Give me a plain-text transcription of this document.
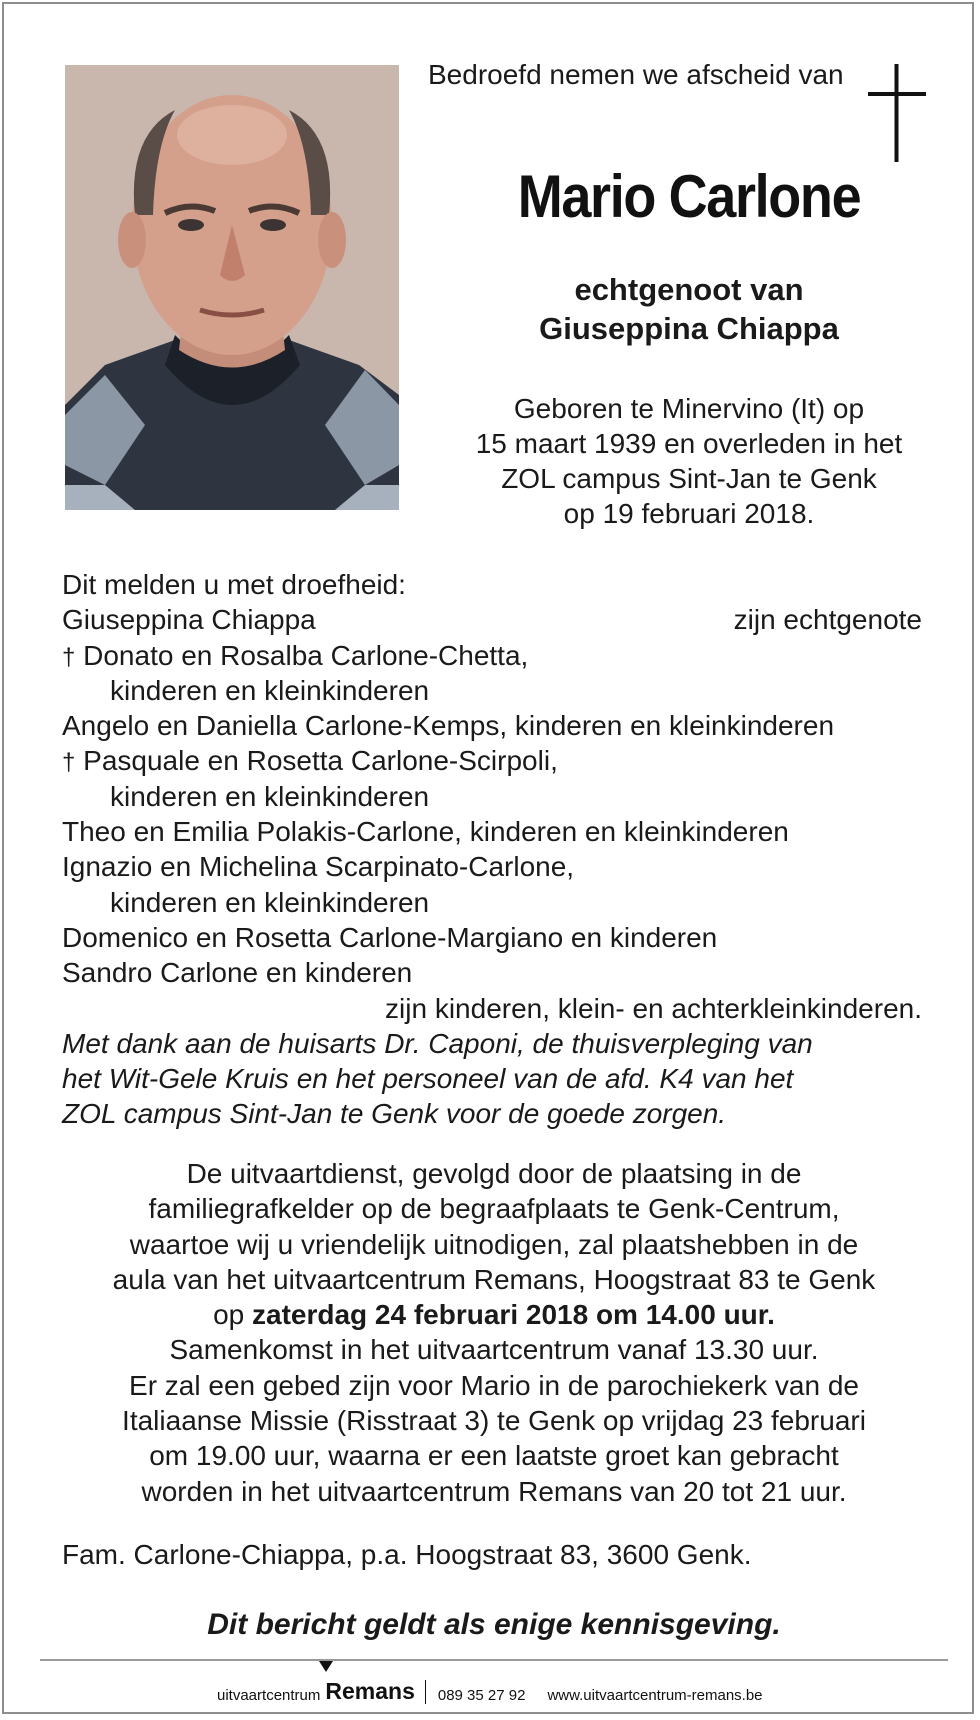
Bedroefd nemen we afscheid van
Mario Carlone
echtgenoot van
Giuseppina Chiappa
Geboren te Minervino (It) op
15 maart 1939 en overleden in het
ZOL campus Sint-Jan te Genk
op 19 februari 2018.
Dit melden u met droefheid:
Giuseppina Chiappa	zijn echtgenote
† Donato en Rosalba Carlone-Chetta,
kinderen en kleinkinderen
Angelo en Daniella Carlone-Kemps, kinderen en kleinkinderen
† Pasquale en Rosetta Carlone-Scirpoli,
kinderen en kleinkinderen
Theo en Emilia Polakis-Carlone, kinderen en kleinkinderen
Ignazio en Michelina Scarpinato-Carlone,
kinderen en kleinkinderen
Domenico en Rosetta Carlone-Margiano en kinderen
Sandro Carlone en kinderen
zijn kinderen, klein- en achterkleinkinderen.
Met dank aan de huisarts Dr. Caponi, de thuisverpleging van
het Wit-Gele Kruis en het personeel van de afd. K4 van het
ZOL campus Sint-Jan te Genk voor de goede zorgen.
De uitvaartdienst, gevolgd door de plaatsing in de
familiegrafkelder op de begraafplaats te Genk-Centrum,
waartoe wij u vriendelijk uitnodigen, zal plaatshebben in de
aula van het uitvaartcentrum Remans, Hoogstraat 83 te Genk
op zaterdag 24 februari 2018 om 14.00 uur.
Samenkomst in het uitvaartcentrum vanaf 13.30 uur.
Er zal een gebed zijn voor Mario in de parochiekerk van de
Italiaanse Missie (Risstraat 3) te Genk op vrijdag 23 februari
om 19.00 uur, waarna er een laatste groet kan gebracht
worden in het uitvaartcentrum Remans van 20 tot 21 uur.
Fam. Carlone-Chiappa, p.a. Hoogstraat 83, 3600 Genk.
Dit bericht geldt als enige kennisgeving.
uitvaartcentrum Remans 089 35 27 92 www.uitvaartcentrum-remans.be
